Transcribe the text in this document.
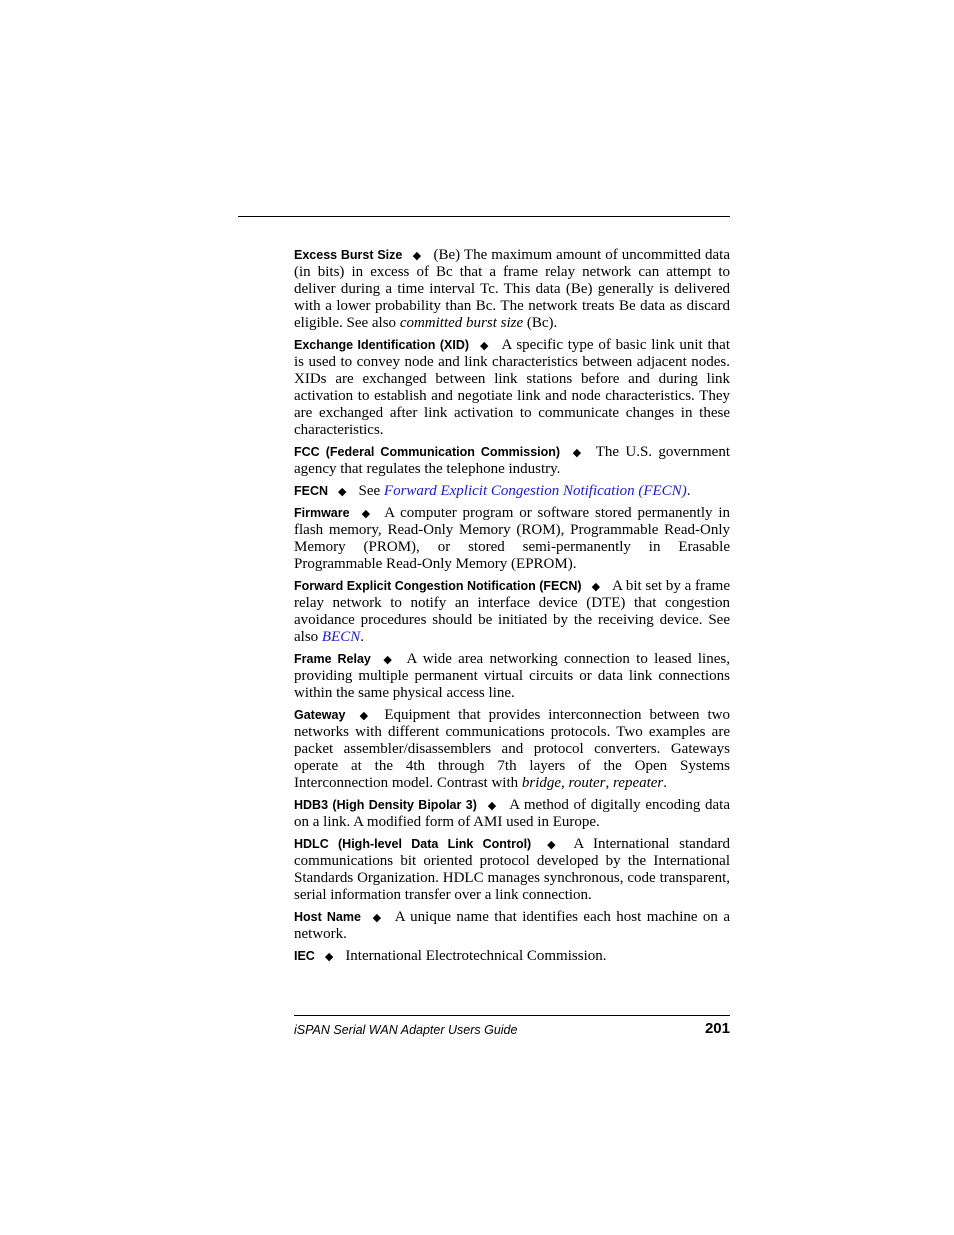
Excess Burst Size ◆ (Be) The maximum amount of uncommitted data (in bits) in excess of Bc that a frame relay network can attempt to deliver during a time interval Tc. This data (Be) generally is delivered with a lower probability than Bc. The network treats Be data as discard eligible. See also committed burst size (Bc).

Exchange Identification (XID) ◆ A specific type of basic link unit that is used to convey node and link characteristics between adjacent nodes. XIDs are exchanged between link stations before and during link activation to establish and negotiate link and node characteristics. They are exchanged after link activation to communicate changes in these characteristics.

FCC (Federal Communication Commission) ◆ The U.S. government agency that regulates the telephone industry.

FECN ◆ See Forward Explicit Congestion Notification (FECN).

Firmware ◆ A computer program or software stored permanently in flash memory, Read-Only Memory (ROM), Programmable Read-Only Memory (PROM), or stored semi-permanently in Erasable Programmable Read-Only Memory (EPROM).

Forward Explicit Congestion Notification (FECN) ◆ A bit set by a frame relay network to notify an interface device (DTE) that congestion avoidance procedures should be initiated by the receiving device. See also BECN.

Frame Relay ◆ A wide area networking connection to leased lines, providing multiple permanent virtual circuits or data link connections within the same physical access line.

Gateway ◆ Equipment that provides interconnection between two networks with different communications protocols. Two examples are packet assembler/disassemblers and protocol converters. Gateways operate at the 4th through 7th layers of the Open Systems Interconnection model. Contrast with bridge, router, repeater.

HDB3 (High Density Bipolar 3) ◆ A method of digitally encoding data on a link. A modified form of AMI used in Europe.

HDLC (High-level Data Link Control) ◆ A International standard communications bit oriented protocol developed by the International Standards Organization. HDLC manages synchronous, code transparent, serial information transfer over a link connection.

Host Name ◆ A unique name that identifies each host machine on a network.

IEC ◆ International Electrotechnical Commission.

iSPAN Serial WAN Adapter Users Guide	201
